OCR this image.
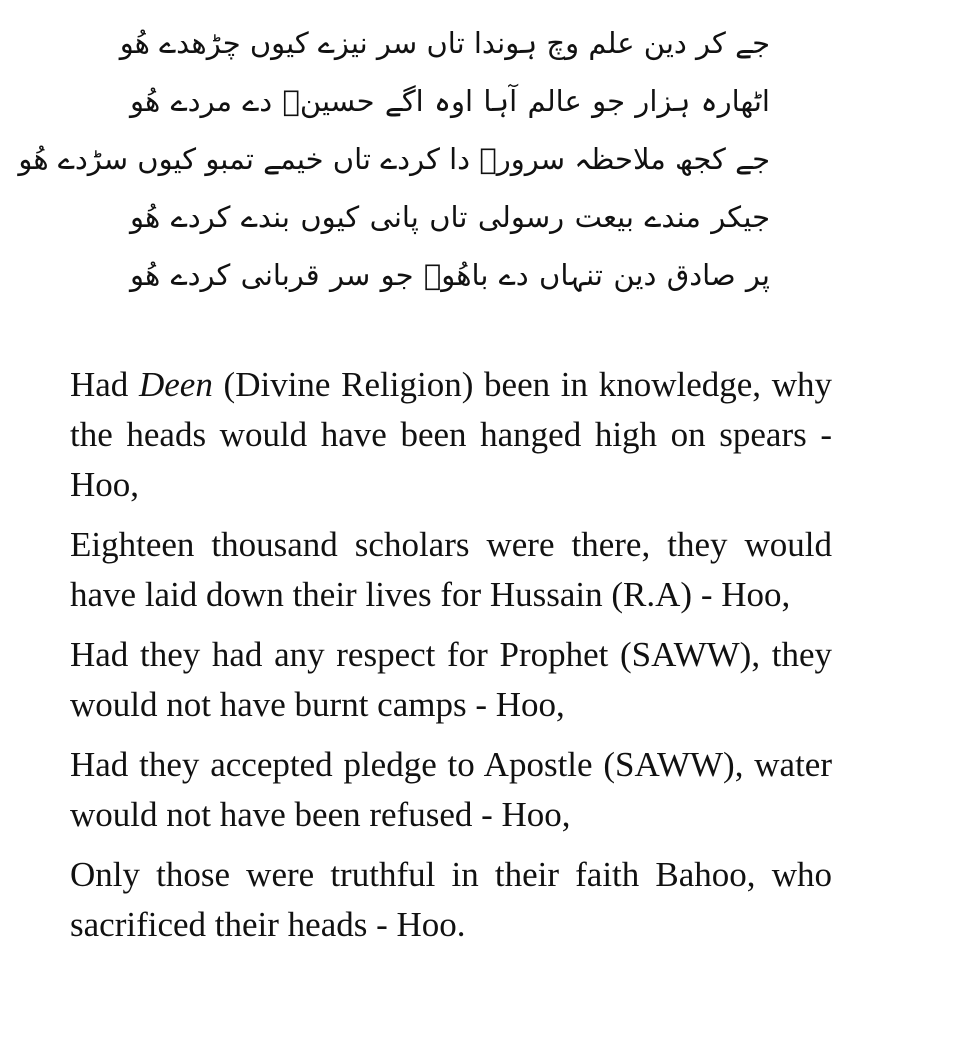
جے کر دین علم وچ ہوندا تاں سر نیزے کیوں چڑھدے ھُو
اٹھارہ ہزار جو عالم آہا اوہ اگے حسینؓ دے مردے ھُو
جے کجھ ملاحظہ سرورؐ دا کردے تاں خیمے تمبو کیوں سڑدے ھُو
جیکر مندے بیعت رسولی تاں پانی کیوں بندے کردے ھُو
پر صادق دین تنہاں دے باھُوؒ جو سر قربانی کردے ھُو

Had Deen (Divine Religion) been in knowledge, why the heads would have been hanged high on spears - Hoo,

Eighteen thousand scholars were there, they would have laid down their lives for Hussain (R.A) - Hoo,

Had they had any respect for Prophet (SAWW), they would not have burnt camps - Hoo,

Had they accepted pledge to Apostle (SAWW), water would not have been refused - Hoo,

Only those were truthful in their faith Bahoo, who sacrificed their heads - Hoo.
